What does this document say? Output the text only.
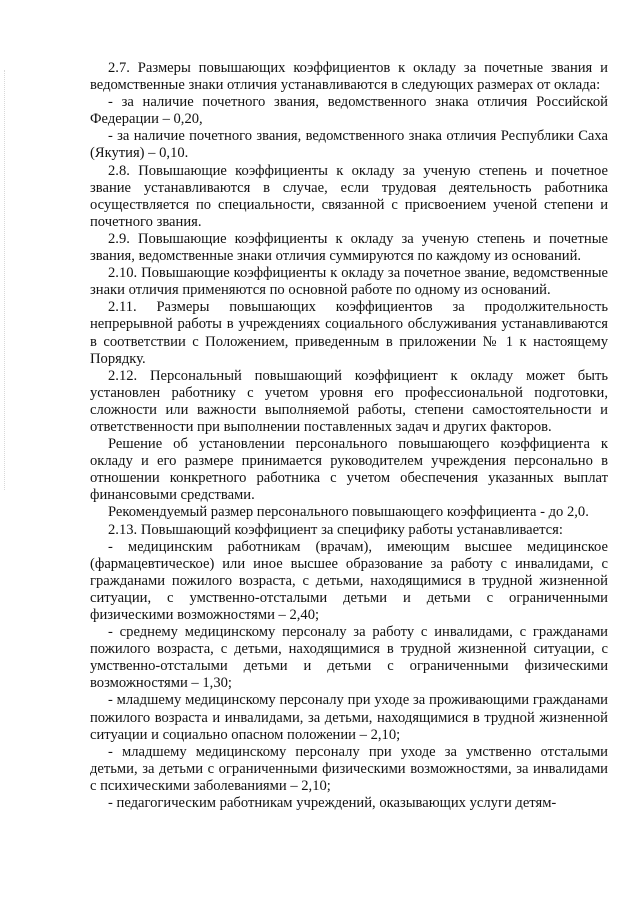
2.7. Размеры повышающих коэффициентов к окладу за почетные звания и ведомственные знаки отличия устанавливаются в следующих размерах от оклада:

- за наличие почетного звания, ведомственного знака отличия Российской Федерации – 0,20,

- за наличие почетного звания, ведомственного знака отличия Республики Саха (Якутия) – 0,10.

2.8. Повышающие коэффициенты к окладу за ученую степень и почетное звание устанавливаются в случае, если трудовая деятельность работника осуществляется по специальности, связанной с присвоением ученой степени и почетного звания.

2.9. Повышающие коэффициенты к окладу за ученую степень и почетные звания, ведомственные знаки отличия суммируются по каждому из оснований.

2.10. Повышающие коэффициенты к окладу за почетное звание, ведомственные знаки отличия применяются по основной работе по одному из оснований.

2.11. Размеры повышающих коэффициентов за продолжительность непрерывной работы в учреждениях социального обслуживания устанавливаются в соответствии с Положением, приведенным в приложении № 1 к настоящему Порядку.

2.12. Персональный повышающий коэффициент к окладу может быть установлен работнику с учетом уровня его профессиональной подготовки, сложности или важности выполняемой работы, степени самостоятельности и ответственности при выполнении поставленных задач и других факторов.

Решение об установлении персонального повышающего коэффициента к окладу и его размере принимается руководителем учреждения персонально в отношении конкретного работника с учетом обеспечения указанных выплат финансовыми средствами.

Рекомендуемый размер персонального повышающего коэффициента - до 2,0.

2.13. Повышающий коэффициент за специфику работы устанавливается:

- медицинским работникам (врачам), имеющим высшее медицинское (фармацевтическое) или иное высшее образование за работу с инвалидами, с гражданами пожилого возраста, с детьми, находящимися в трудной жизненной ситуации, с умственно-отсталыми детьми и детьми с ограниченными физическими возможностями – 2,40;

- среднему медицинскому персоналу за работу с инвалидами, с гражданами пожилого возраста, с детьми, находящимися в трудной жизненной ситуации, с умственно-отсталыми детьми и детьми с ограниченными физическими возможностями – 1,30;

- младшему медицинскому персоналу при уходе за проживающими гражданами пожилого возраста и инвалидами, за детьми, находящимися в трудной жизненной ситуации и социально опасном положении – 2,10;

- младшему медицинскому персоналу при уходе за умственно отсталыми детьми, за детьми с ограниченными физическими возможностями, за инвалидами с психическими заболеваниями – 2,10;

- педагогическим работникам учреждений, оказывающих услуги детям-
